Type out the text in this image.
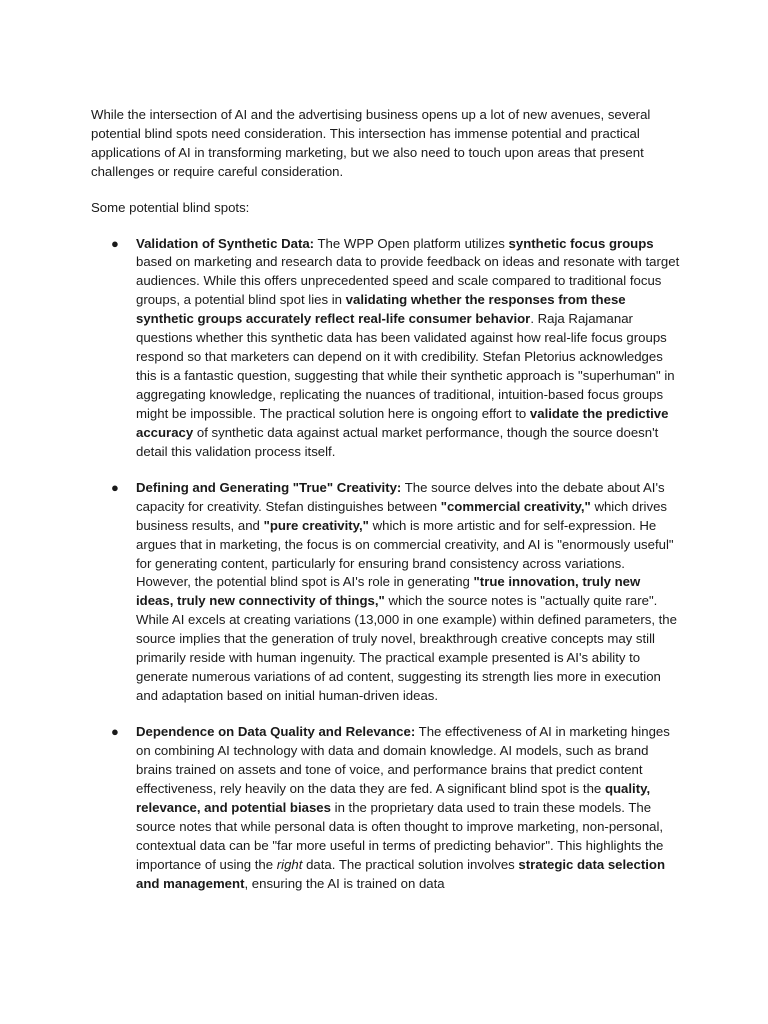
While the intersection of AI and the advertising business opens up a lot of new avenues, several potential blind spots need consideration. This intersection has immense potential and practical applications of AI in transforming marketing, but we also need to touch upon areas that present challenges or require careful consideration.

Some potential blind spots:

● Validation of Synthetic Data: The WPP Open platform utilizes synthetic focus groups based on marketing and research data to provide feedback on ideas and resonate with target audiences. While this offers unprecedented speed and scale compared to traditional focus groups, a potential blind spot lies in validating whether the responses from these synthetic groups accurately reflect real-life consumer behavior. Raja Rajamanar questions whether this synthetic data has been validated against how real-life focus groups respond so that marketers can depend on it with credibility. Stefan Pletorius acknowledges this is a fantastic question, suggesting that while their synthetic approach is "superhuman" in aggregating knowledge, replicating the nuances of traditional, intuition-based focus groups might be impossible. The practical solution here is ongoing effort to validate the predictive accuracy of synthetic data against actual market performance, though the source doesn't detail this validation process itself.
● Defining and Generating "True" Creativity: The source delves into the debate about AI's capacity for creativity. Stefan distinguishes between "commercial creativity," which drives business results, and "pure creativity," which is more artistic and for self-expression. He argues that in marketing, the focus is on commercial creativity, and AI is "enormously useful" for generating content, particularly for ensuring brand consistency across variations. However, the potential blind spot is AI's role in generating "true innovation, truly new ideas, truly new connectivity of things," which the source notes is "actually quite rare". While AI excels at creating variations (13,000 in one example) within defined parameters, the source implies that the generation of truly novel, breakthrough creative concepts may still primarily reside with human ingenuity. The practical example presented is AI's ability to generate numerous variations of ad content, suggesting its strength lies more in execution and adaptation based on initial human-driven ideas.
● Dependence on Data Quality and Relevance: The effectiveness of AI in marketing hinges on combining AI technology with data and domain knowledge. AI models, such as brand brains trained on assets and tone of voice, and performance brains that predict content effectiveness, rely heavily on the data they are fed. A significant blind spot is the quality, relevance, and potential biases in the proprietary data used to train these models. The source notes that while personal data is often thought to improve marketing, non-personal, contextual data can be "far more useful in terms of predicting behavior". This highlights the importance of using the right data. The practical solution involves strategic data selection and management, ensuring the AI is trained on data
